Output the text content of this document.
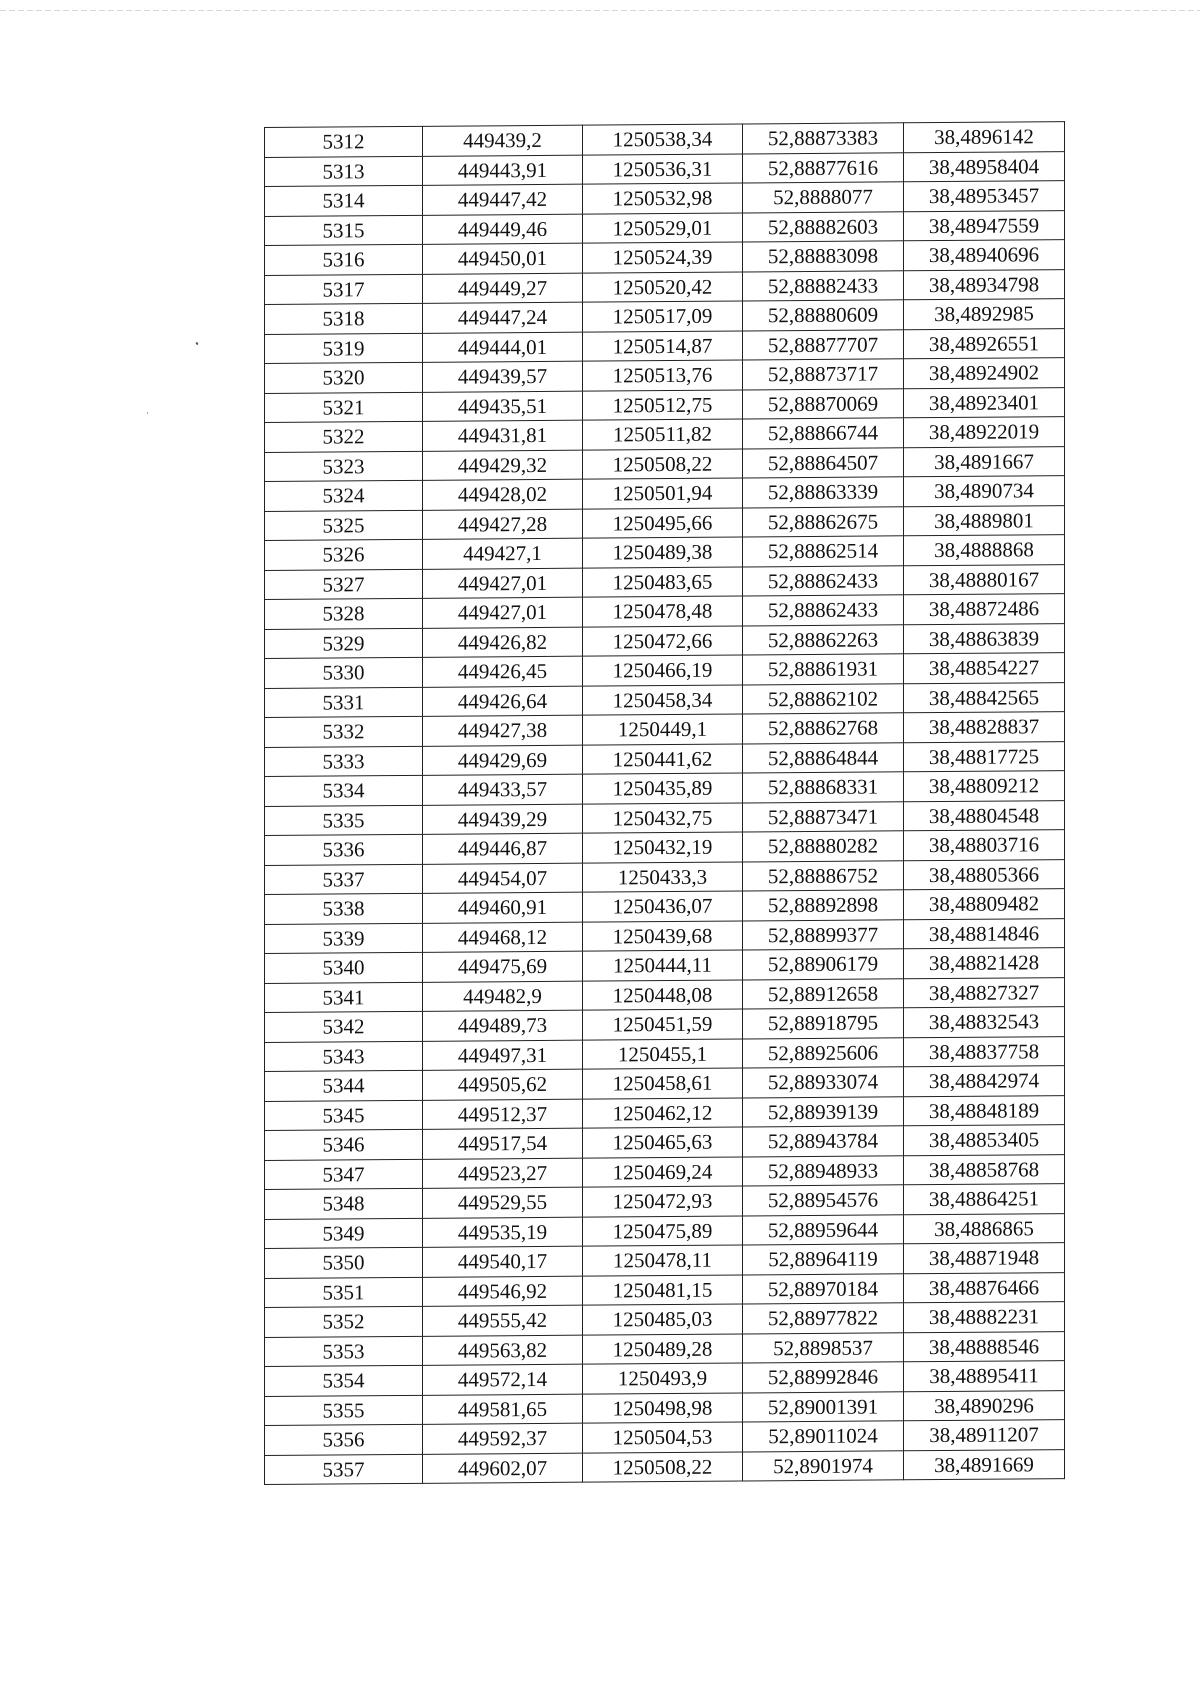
5312	449439,2	1250538,34	52,88873383	38,4896142
5313	449443,91	1250536,31	52,88877616	38,48958404
5314	449447,42	1250532,98	52,8888077	38,48953457
5315	449449,46	1250529,01	52,88882603	38,48947559
5316	449450,01	1250524,39	52,88883098	38,48940696
5317	449449,27	1250520,42	52,88882433	38,48934798
5318	449447,24	1250517,09	52,88880609	38,4892985
5319	449444,01	1250514,87	52,88877707	38,48926551
5320	449439,57	1250513,76	52,88873717	38,48924902
5321	449435,51	1250512,75	52,88870069	38,48923401
5322	449431,81	1250511,82	52,88866744	38,48922019
5323	449429,32	1250508,22	52,88864507	38,4891667
5324	449428,02	1250501,94	52,88863339	38,4890734
5325	449427,28	1250495,66	52,88862675	38,4889801
5326	449427,1	1250489,38	52,88862514	38,4888868
5327	449427,01	1250483,65	52,88862433	38,48880167
5328	449427,01	1250478,48	52,88862433	38,48872486
5329	449426,82	1250472,66	52,88862263	38,48863839
5330	449426,45	1250466,19	52,88861931	38,48854227
5331	449426,64	1250458,34	52,88862102	38,48842565
5332	449427,38	1250449,1	52,88862768	38,48828837
5333	449429,69	1250441,62	52,88864844	38,48817725
5334	449433,57	1250435,89	52,88868331	38,48809212
5335	449439,29	1250432,75	52,88873471	38,48804548
5336	449446,87	1250432,19	52,88880282	38,48803716
5337	449454,07	1250433,3	52,88886752	38,48805366
5338	449460,91	1250436,07	52,88892898	38,48809482
5339	449468,12	1250439,68	52,88899377	38,48814846
5340	449475,69	1250444,11	52,88906179	38,48821428
5341	449482,9	1250448,08	52,88912658	38,48827327
5342	449489,73	1250451,59	52,88918795	38,48832543
5343	449497,31	1250455,1	52,88925606	38,48837758
5344	449505,62	1250458,61	52,88933074	38,48842974
5345	449512,37	1250462,12	52,88939139	38,48848189
5346	449517,54	1250465,63	52,88943784	38,48853405
5347	449523,27	1250469,24	52,88948933	38,48858768
5348	449529,55	1250472,93	52,88954576	38,48864251
5349	449535,19	1250475,89	52,88959644	38,4886865
5350	449540,17	1250478,11	52,88964119	38,48871948
5351	449546,92	1250481,15	52,88970184	38,48876466
5352	449555,42	1250485,03	52,88977822	38,48882231
5353	449563,82	1250489,28	52,8898537	38,48888546
5354	449572,14	1250493,9	52,88992846	38,48895411
5355	449581,65	1250498,98	52,89001391	38,4890296
5356	449592,37	1250504,53	52,89011024	38,48911207
5357	449602,07	1250508,22	52,8901974	38,4891669
